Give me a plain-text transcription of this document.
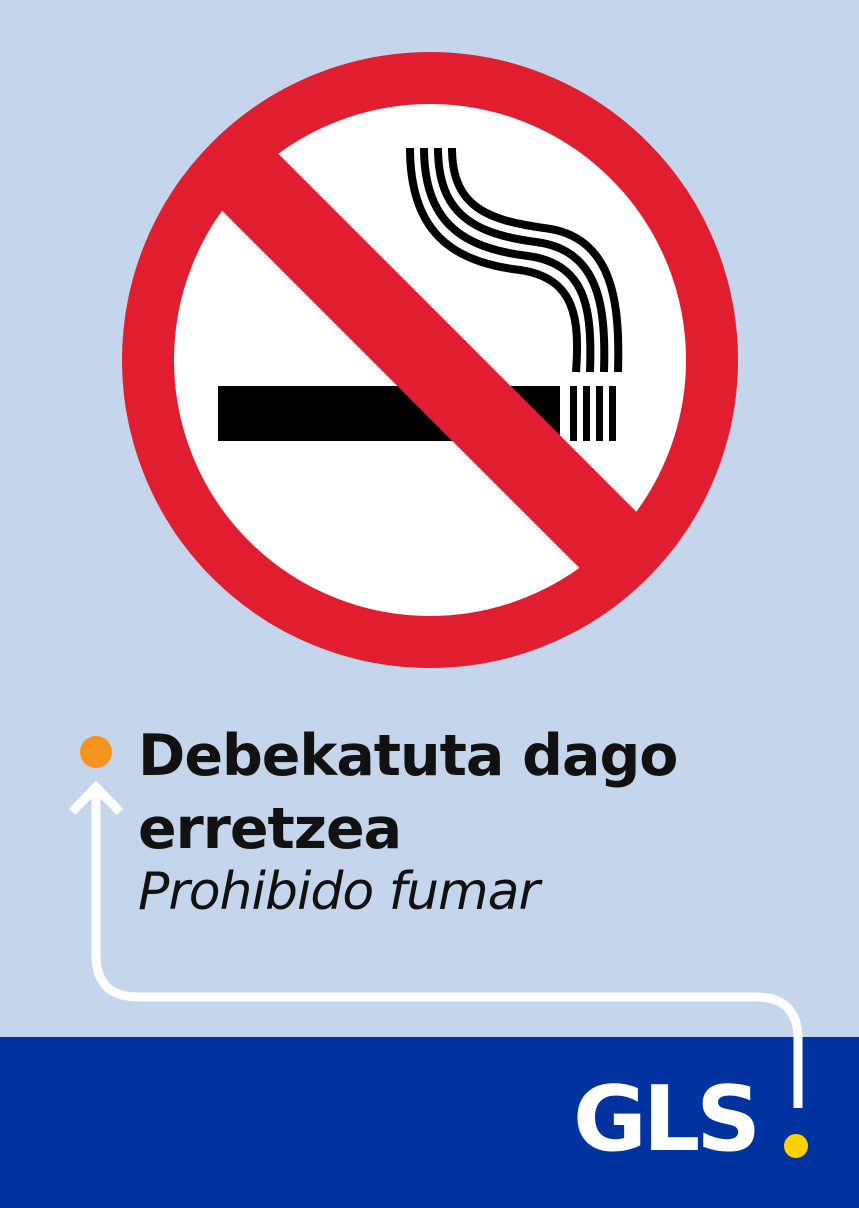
Debekatuta dago
erretzea

Prohibido fumar

GLS
